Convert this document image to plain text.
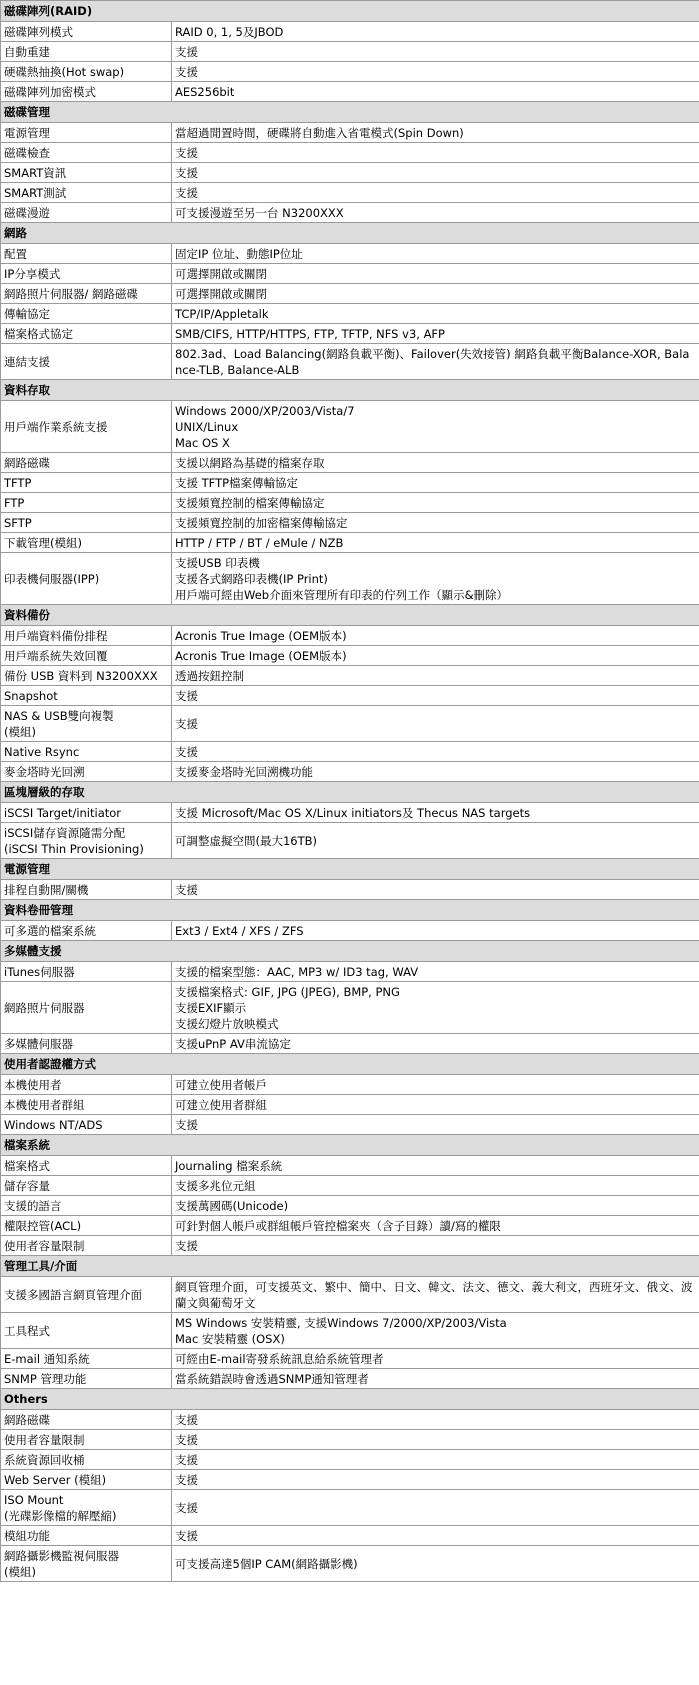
磁碟陣列(RAID)	
磁碟陣列模式	RAID 0, 1, 5及JBOD
自動重建	支援
硬碟熱抽換(Hot swap)	支援
磁碟陣列加密模式	AES256bit
磁碟管理	
電源管理	當超過閒置時間，硬碟將自動進入省電模式(Spin Down)
磁碟檢查	支援
SMART資訊	支援
SMART測試	支援
磁碟漫遊	可支援漫遊至另一台 N3200XXX
網路	
配置	固定IP 位址、動態IP位址
IP分享模式	可選擇開啟或關閉
網路照片伺服器/ 網路磁碟	可選擇開啟或關閉
傳輸協定	TCP/IP/Appletalk
檔案格式協定	SMB/CIFS, HTTP/HTTPS, FTP, TFTP, NFS v3, AFP
連結支援	802.3ad、Load Balancing(網路負載平衡)、Failover(失效接管) 網路負載平衡Balance-XOR, Balance-TLB, Balance-ALB
資料存取	
用戶端作業系統支援	Windows 2000/XP/2003/Vista/7
UNIX/Linux
Mac OS X
網路磁碟	支援以網路為基礎的檔案存取
TFTP	支援 TFTP檔案傳輸協定
FTP	支援頻寬控制的檔案傳輸協定
SFTP	支援頻寬控制的加密檔案傳輸協定
下載管理(模組)	HTTP / FTP / BT / eMule / NZB
印表機伺服器(IPP)	支援USB 印表機
支援各式網路印表機(IP Print)
用戶端可經由Web介面來管理所有印表的佇列工作（顯示&刪除）
資料備份	
用戶端資料備份排程	Acronis True Image (OEM版本)
用戶端系統失效回覆	Acronis True Image (OEM版本)
備份 USB 資料到 N3200XXX	透過按鈕控制
Snapshot	支援
NAS & USB雙向複製
(模組)	支援
Native Rsync	支援
麥金塔時光回溯	支援麥金塔時光回溯機功能
區塊層級的存取	
iSCSI Target/initiator	支援 Microsoft/Mac OS X/Linux initiators及 Thecus NAS targets
iSCSI儲存資源隨需分配
(iSCSI Thin Provisioning)	可調整虛擬空間(最大16TB)
電源管理	
排程自動開/關機	支援
資料卷冊管理	
可多選的檔案系統	Ext3 / Ext4 / XFS / ZFS
多媒體支援	
iTunes伺服器	支援的檔案型態：AAC, MP3 w/ ID3 tag, WAV
網路照片伺服器	支援檔案格式: GIF, JPG (JPEG), BMP, PNG
支援EXIF顯示
支援幻燈片放映模式
多媒體伺服器	支援uPnP AV串流協定
使用者認證權方式	
本機使用者	可建立使用者帳戶
本機使用者群組	可建立使用者群組
Windows NT/ADS	支援
檔案系統	
檔案格式	Journaling 檔案系統
儲存容量	支援多兆位元組
支援的語言	支援萬國碼(Unicode)
權限控管(ACL)	可針對個人帳戶或群組帳戶管控檔案夾（含子目錄）讀/寫的權限
使用者容量限制	支援
管理工具/介面	
支援多國語言網頁管理介面	網頁管理介面，可支援英文、繁中、簡中、日文、韓文、法文、德文、義大利文，西班牙文、俄文、波蘭文與葡萄牙文
工具程式	MS Windows 安裝精靈, 支援Windows 7/2000/XP/2003/Vista
Mac 安裝精靈 (OSX)
E-mail 通知系統	可經由E-mail寄發系統訊息給系統管理者
SNMP 管理功能	當系統錯誤時會透過SNMP通知管理者
Others	
網路磁碟	支援
使用者容量限制	支援
系統資源回收桶	支援
Web Server (模組)	支援
ISO Mount
(光碟影像檔的解壓縮)	支援
模組功能	支援
網路攝影機監視伺服器
(模組)	可支援高達5個IP CAM(網路攝影機)
